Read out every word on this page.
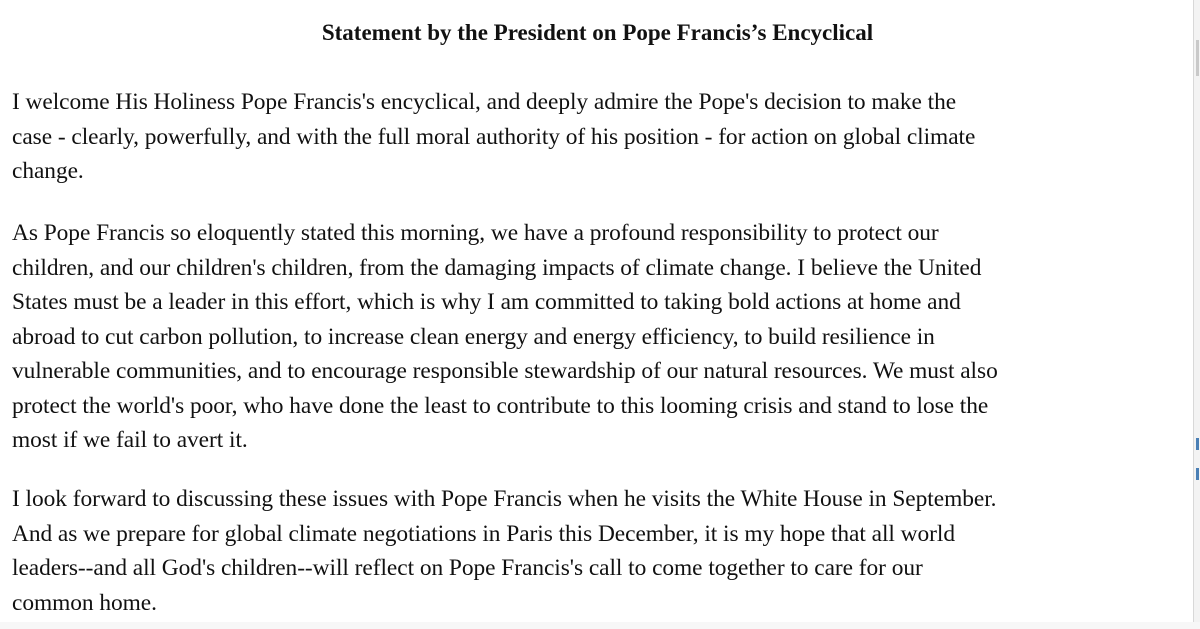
Statement by the President on Pope Francis’s Encyclical

I welcome His Holiness Pope Francis's encyclical, and deeply admire the Pope's decision to make the
case - clearly, powerfully, and with the full moral authority of his position - for action on global climate
change.

As Pope Francis so eloquently stated this morning, we have a profound responsibility to protect our
children, and our children's children, from the damaging impacts of climate change. I believe the United
States must be a leader in this effort, which is why I am committed to taking bold actions at home and
abroad to cut carbon pollution, to increase clean energy and energy efficiency, to build resilience in
vulnerable communities, and to encourage responsible stewardship of our natural resources. We must also
protect the world's poor, who have done the least to contribute to this looming crisis and stand to lose the
most if we fail to avert it.

I look forward to discussing these issues with Pope Francis when he visits the White House in September.
And as we prepare for global climate negotiations in Paris this December, it is my hope that all world
leaders--and all God's children--will reflect on Pope Francis's call to come together to care for our
common home.
